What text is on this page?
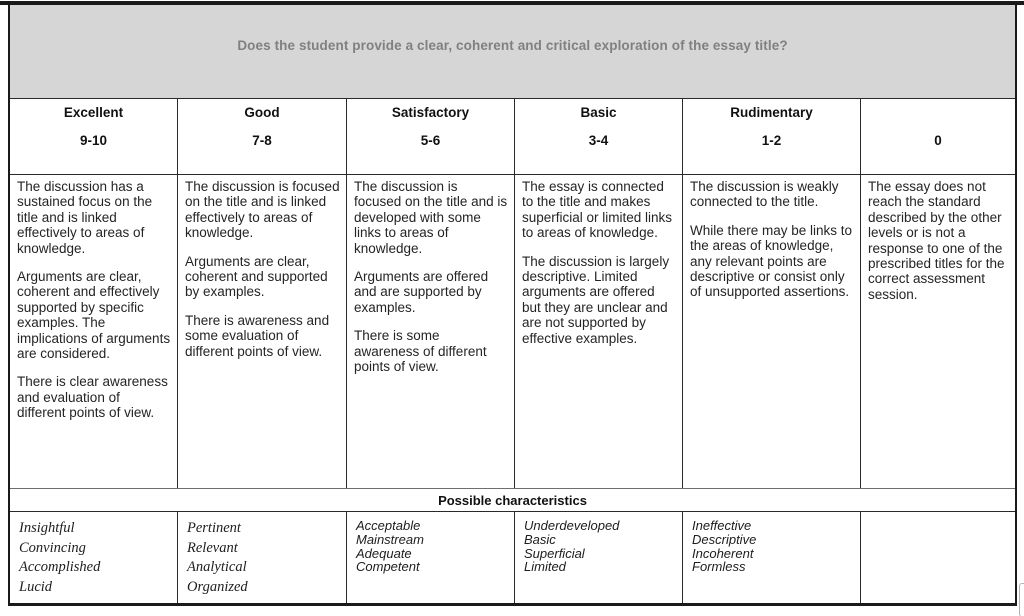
Does the student provide a clear, coherent and critical exploration of the essay title?
Excellent
9-10
Good
7-8
Satisfactory
5-6
Basic
3-4
Rudimentary
1-2	0

The discussion has a sustained focus on the title and is linked effectively to areas of knowledge.

Arguments are clear, coherent and effectively supported by specific examples. The implications of arguments are considered.

There is clear awareness and evaluation of different points of view.

The discussion is focused on the title and is linked effectively to areas of knowledge.

Arguments are clear, coherent and supported by examples.

There is awareness and some evaluation of different points of view.

The discussion is focused on the title and is developed with some links to areas of knowledge.

Arguments are offered and are supported by examples.

There is some awareness of different points of view.

The essay is connected to the title and makes superficial or limited links to areas of knowledge.

The discussion is largely descriptive. Limited arguments are offered but they are unclear and are not supported by effective examples.

The discussion is weakly connected to the title.

While there may be links to the areas of knowledge, any relevant points are descriptive or consist only of unsupported assertions.

The essay does not reach the standard described by the other levels or is not a response to one of the prescribed titles for the correct assessment session.

Possible characteristics
Insightful
Convincing
Accomplished
Lucid
Pertinent
Relevant
Analytical
Organized
Acceptable
Mainstream
Adequate
Competent
Underdeveloped
Basic
Superficial
Limited
Ineffective
Descriptive
Incoherent
Formless
